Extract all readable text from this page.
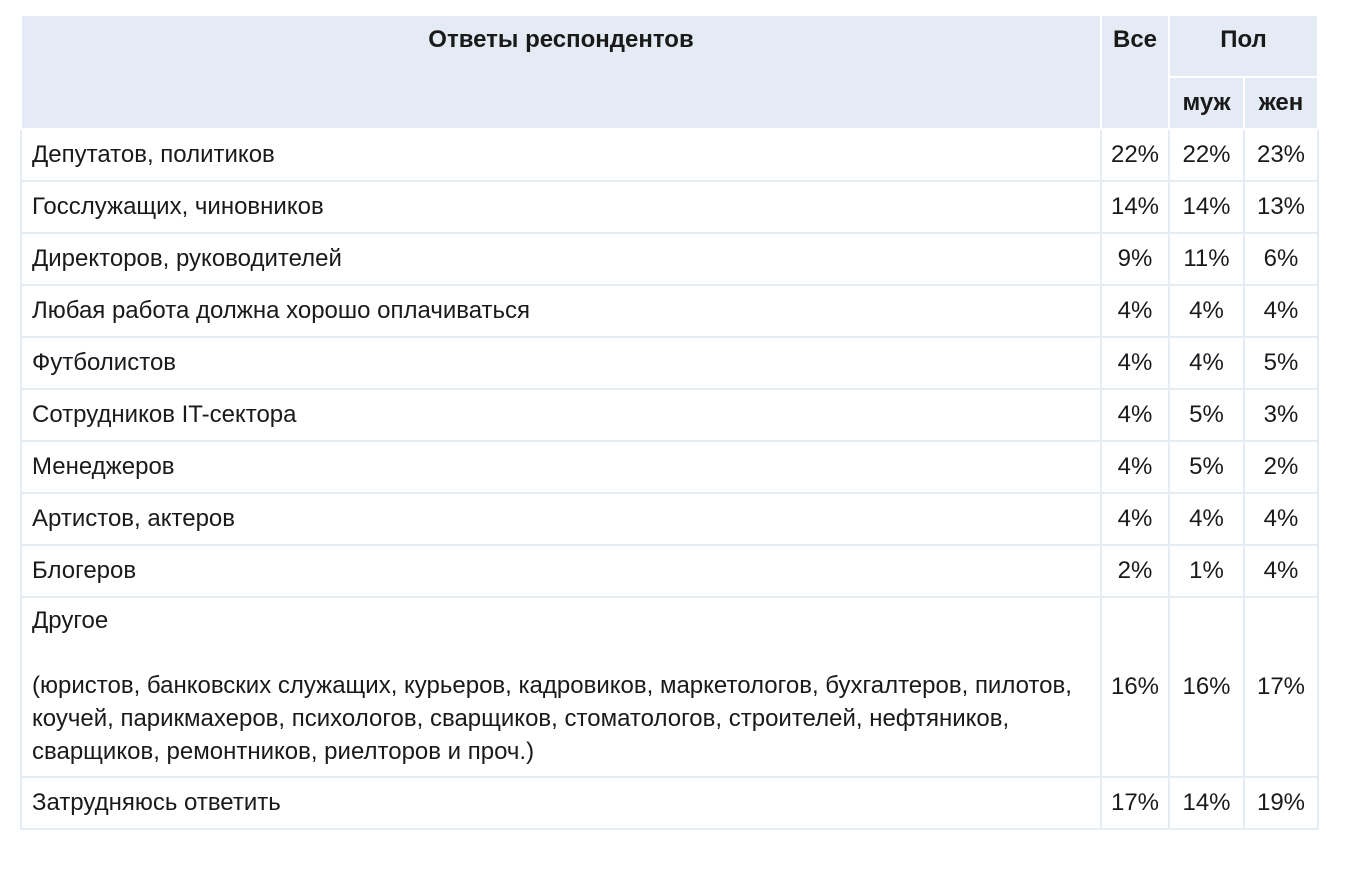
Ответы респондентов	Все	Пол	
		муж	жен
Депутатов, политиков	22%	22%	23%
Госслужащих, чиновников	14%	14%	13%
Директоров, руководителей	9%	11%	6%
Любая работа должна хорошо оплачиваться	4%	4%	4%
Футболистов	4%	4%	5%
Сотрудников IT-сектора	4%	5%	3%
Менеджеров	4%	5%	2%
Артистов, актеров	4%	4%	4%
Блогеров	2%	1%	4%

Другое
(юристов, банковских служащих, курьеров, кадровиков, маркетологов, бухгалтеров, пилотов, коучей, парикмахеров, психологов, сварщиков, стоматологов, строителей, нефтяников, сварщиков, ремонтников, риелторов и проч.)	16%	16%	17%
Затрудняюсь ответить	17%	14%	19%
